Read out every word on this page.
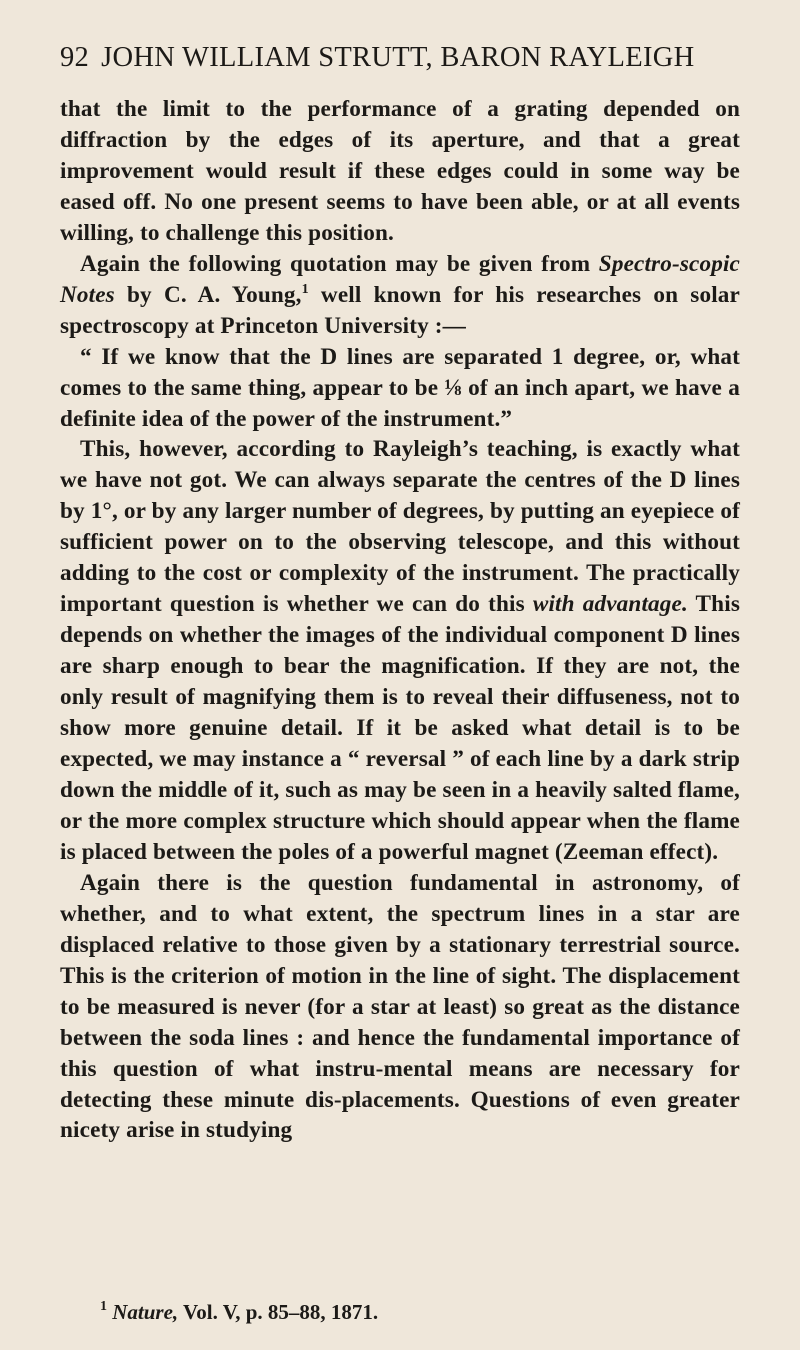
92 JOHN WILLIAM STRUTT, BARON RAYLEIGH

that the limit to the performance of a grating depended on diffraction by the edges of its aperture, and that a great improvement would result if these edges could in some way be eased off. No one present seems to have been able, or at all events willing, to challenge this position.

Again the following quotation may be given from Spectro-scopic Notes by C. A. Young,$^1$ well known for his researches on solar spectroscopy at Princeton University :—

“ If we know that the D lines are separated 1 degree, or, what comes to the same thing, appear to be ⅛ of an inch apart, we have a definite idea of the power of the instrument.”

This, however, according to Rayleigh’s teaching, is exactly what we have not got. We can always separate the centres of the D lines by 1°, or by any larger number of degrees, by putting an eyepiece of sufficient power on to the observing telescope, and this without adding to the cost or complexity of the instrument. The practically important question is whether we can do this with advantage. This depends on whether the images of the individual component D lines are sharp enough to bear the magnification. If they are not, the only result of magnifying them is to reveal their diffuseness, not to show more genuine detail. If it be asked what detail is to be expected, we may instance a “ reversal ” of each line by a dark strip down the middle of it, such as may be seen in a heavily salted flame, or the more complex structure which should appear when the flame is placed between the poles of a powerful magnet (Zeeman effect).

Again there is the question fundamental in astronomy, of whether, and to what extent, the spectrum lines in a star are displaced relative to those given by a stationary terrestrial source. This is the criterion of motion in the line of sight. The displacement to be measured is never (for a star at least) so great as the distance between the soda lines : and hence the fundamental importance of this question of what instru-mental means are necessary for detecting these minute dis-placements. Questions of even greater nicety arise in studying

$^1$ Nature, Vol. V, p. 85–88, 1871.
